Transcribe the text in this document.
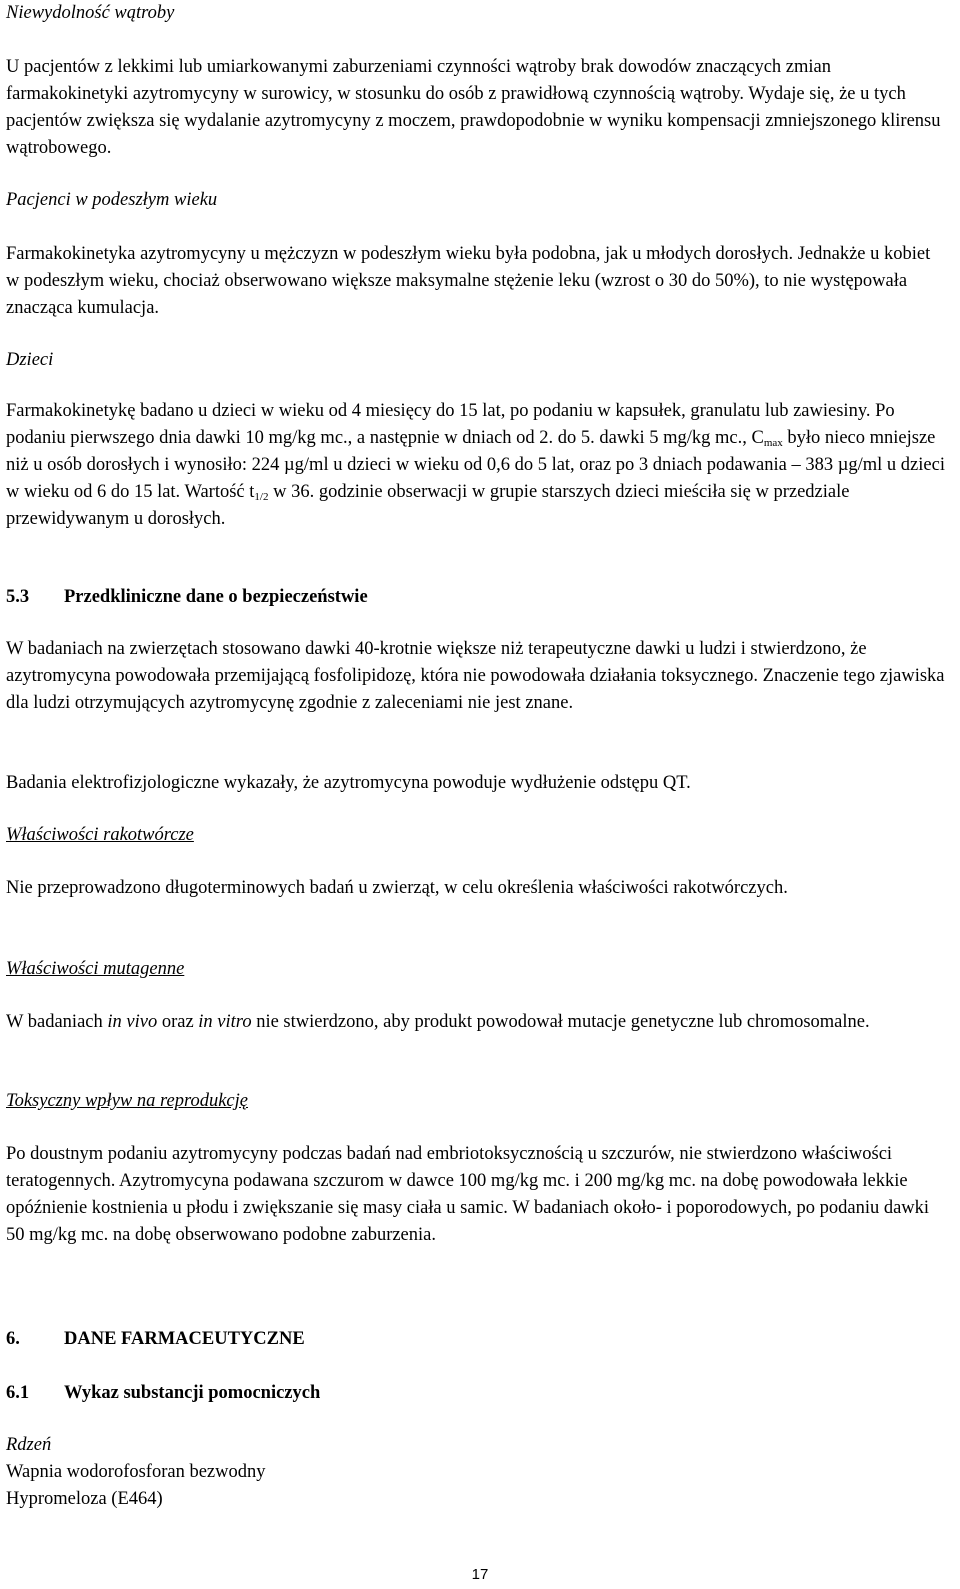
Niewydolność wątroby

U pacjentów z lekkimi lub umiarkowanymi zaburzeniami czynności wątroby brak dowodów znaczących zmian farmakokinetyki azytromycyny w surowicy, w stosunku do osób z prawidłową czynnością wątroby. Wydaje się, że u tych pacjentów zwiększa się wydalanie azytromycyny z moczem, prawdopodobnie w wyniku kompensacji zmniejszonego klirensu wątrobowego.

Pacjenci w podeszłym wieku

Farmakokinetyka azytromycyny u mężczyzn w podeszłym wieku była podobna, jak u młodych dorosłych. Jednakże u kobiet w podeszłym wieku, chociaż obserwowano większe maksymalne stężenie leku (wzrost o 30 do 50%), to nie występowała znacząca kumulacja.

Dzieci

Farmakokinetykę badano u dzieci w wieku od 4 miesięcy do 15 lat, po podaniu w kapsułek, granulatu lub zawiesiny. Po podaniu pierwszego dnia dawki 10 mg/kg mc., a następnie w dniach od 2. do 5. dawki 5 mg/kg mc., $C_{max}$ było nieco mniejsze niż u osób dorosłych i wynosiło: 224 µg/ml u dzieci w wieku od 0,6 do 5 lat, oraz po 3 dniach podawania – 383 µg/ml u dzieci w wieku od 6 do 15 lat. Wartość $t_{1/2}$ w 36. godzinie obserwacji w grupie starszych dzieci mieściła się w przedziale przewidywanym u dorosłych.

5.3 Przedkliniczne dane o bezpieczeństwie

W badaniach na zwierzętach stosowano dawki 40-krotnie większe niż terapeutyczne dawki u ludzi i stwierdzono, że azytromycyna powodowała przemijającą fosfolipidozę, która nie powodowała działania toksycznego. Znaczenie tego zjawiska dla ludzi otrzymujących azytromycynę zgodnie z zaleceniami nie jest znane.

Badania elektrofizjologiczne wykazały, że azytromycyna powoduje wydłużenie odstępu QT.

Właściwości rakotwórcze

Nie przeprowadzono długoterminowych badań u zwierząt, w celu określenia właściwości rakotwórczych.

Właściwości mutagenne

W badaniach in vivo oraz in vitro nie stwierdzono, aby produkt powodował mutacje genetyczne lub chromosomalne.

Toksyczny wpływ na reprodukcję

Po doustnym podaniu azytromycyny podczas badań nad embriotoksycznością u szczurów, nie stwierdzono właściwości teratogennych. Azytromycyna podawana szczurom w dawce 100 mg/kg mc. i 200 mg/kg mc. na dobę powodowała lekkie opóźnienie kostnienia u płodu i zwiększanie się masy ciała u samic. W badaniach około- i poporodowych, po podaniu dawki 50 mg/kg mc. na dobę obserwowano podobne zaburzenia.

6. DANE FARMACEUTYCZNE
6.1 Wykaz substancji pomocniczych
Rdzeń
Wapnia wodorofosforan bezwodny
Hypromeloza (E464)
17
